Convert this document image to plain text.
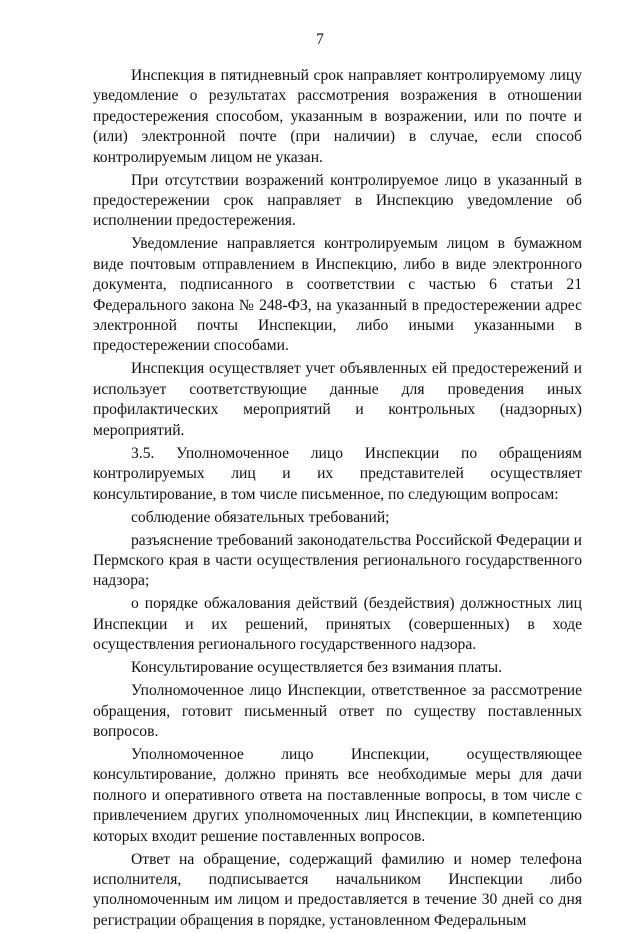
7

Инспекция в пятидневный срок направляет контролируемому лицу уведомление о результатах рассмотрения возражения в отношении предостережения способом, указанным в возражении, или по почте и (или) электронной почте (при наличии) в случае, если способ контролируемым лицом не указан.

При отсутствии возражений контролируемое лицо в указанный в предостережении срок направляет в Инспекцию уведомление об исполнении предостережения.

Уведомление направляется контролируемым лицом в бумажном виде почтовым отправлением в Инспекцию, либо в виде электронного документа, подписанного в соответствии с частью 6 статьи 21 Федерального закона № 248-ФЗ, на указанный в предостережении адрес электронной почты Инспекции, либо иными указанными в предостережении способами.

Инспекция осуществляет учет объявленных ей предостережений и использует соответствующие данные для проведения иных профилактических мероприятий и контрольных (надзорных) мероприятий.

3.5. Уполномоченное лицо Инспекции по обращениям контролируемых лиц и их представителей осуществляет консультирование, в том числе письменное, по следующим вопросам:

соблюдение обязательных требований;

разъяснение требований законодательства Российской Федерации и Пермского края в части осуществления регионального государственного надзора;

о порядке обжалования действий (бездействия) должностных лиц Инспекции и их решений, принятых (совершенных) в ходе осуществления регионального государственного надзора.

Консультирование осуществляется без взимания платы.

Уполномоченное лицо Инспекции, ответственное за рассмотрение обращения, готовит письменный ответ по существу поставленных вопросов.

Уполномоченное лицо Инспекции, осуществляющее консультирование, должно принять все необходимые меры для дачи полного и оперативного ответа на поставленные вопросы, в том числе с привлечением других уполномоченных лиц Инспекции, в компетенцию которых входит решение поставленных вопросов.

Ответ на обращение, содержащий фамилию и номер телефона исполнителя, подписывается начальником Инспекции либо уполномоченным им лицом и предоставляется в течение 30 дней со дня регистрации обращения в порядке, установленном Федеральным
